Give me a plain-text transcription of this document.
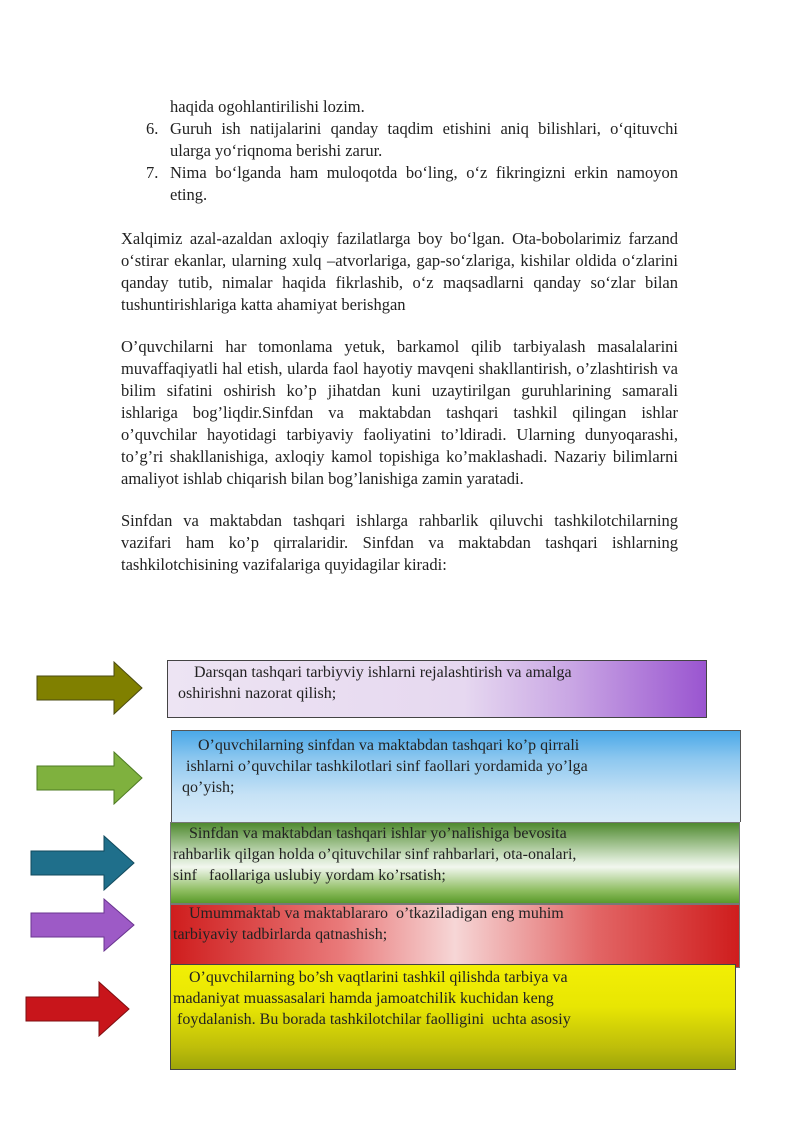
haqida ogohlantirilishi lozim.
6. Guruh ish natijalarini qanday taqdim etishini aniq bilishlari, o‘qituvchi ularga yo‘riqnoma berishi zarur.
7. Nima bo‘lganda ham muloqotda bo‘ling, o‘z fikringizni erkin namoyon eting.

Xalqimiz azal-azaldan axloqiy fazilatlarga boy bo‘lgan. Ota-bobolarimiz farzand o‘stirar ekanlar, ularning xulq –atvorlariga, gap-so‘zlariga, kishilar oldida o‘zlarini qanday tutib, nimalar haqida fikrlashib, o‘z maqsadlarni qanday so‘zlar bilan tushuntirishlariga katta ahamiyat berishgan

O’quvchilarni har tomonlama yetuk, barkamol qilib tarbiyalash masalalarini muvaffaqiyatli hal etish, ularda faol hayotiy mavqeni shakllantirish, o’zlashtirish va bilim sifatini oshirish ko’p jihatdan kuni uzaytirilgan guruhlarining samarali ishlariga bog’liqdir.Sinfdan va maktabdan tashqari tashkil qilingan ishlar o’quvchilar hayotidagi tarbiyaviy faoliyatini to’ldiradi. Ularning dunyoqarashi, to’g’ri shakllanishiga, axloqiy kamol topishiga ko’maklashadi. Nazariy bilimlarni amaliyot ishlab chiqarish bilan bog’lanishiga zamin yaratadi.

Sinfdan va maktabdan tashqari ishlarga rahbarlik qiluvchi tashkilotchilarning vazifari ham ko’p qirralaridir. Sinfdan va maktabdan tashqari ishlarning tashkilotchisining vazifalariga quyidagilar kiradi:

Darsqan tashqari tarbiyviy ishlarni rejalashtirish va amalga
oshirishni nazorat qilish;
O’quvchilarning sinfdan va maktabdan tashqari ko’p qirrali
ishlarni o’quvchilar tashkilotlari sinf faollari yordamida yo’lga
qo’yish;
Sinfdan va maktabdan tashqari ishlar yo’nalishiga bevosita
rahbarlik qilgan holda o’qituvchilar sinf rahbarlari, ota-onalari,
sinf   faollariga uslubiy yordam ko’rsatish;
Umummaktab va maktablararo  o’tkaziladigan eng muhim
tarbiyaviy tadbirlarda qatnashish;
O’quvchilarning bo’sh vaqtlarini tashkil qilishda tarbiya va
madaniyat muassasalari hamda jamoatchilik kuchidan keng
foydalanish. Bu borada tashkilotchilar faolligini  uchta asosiy
